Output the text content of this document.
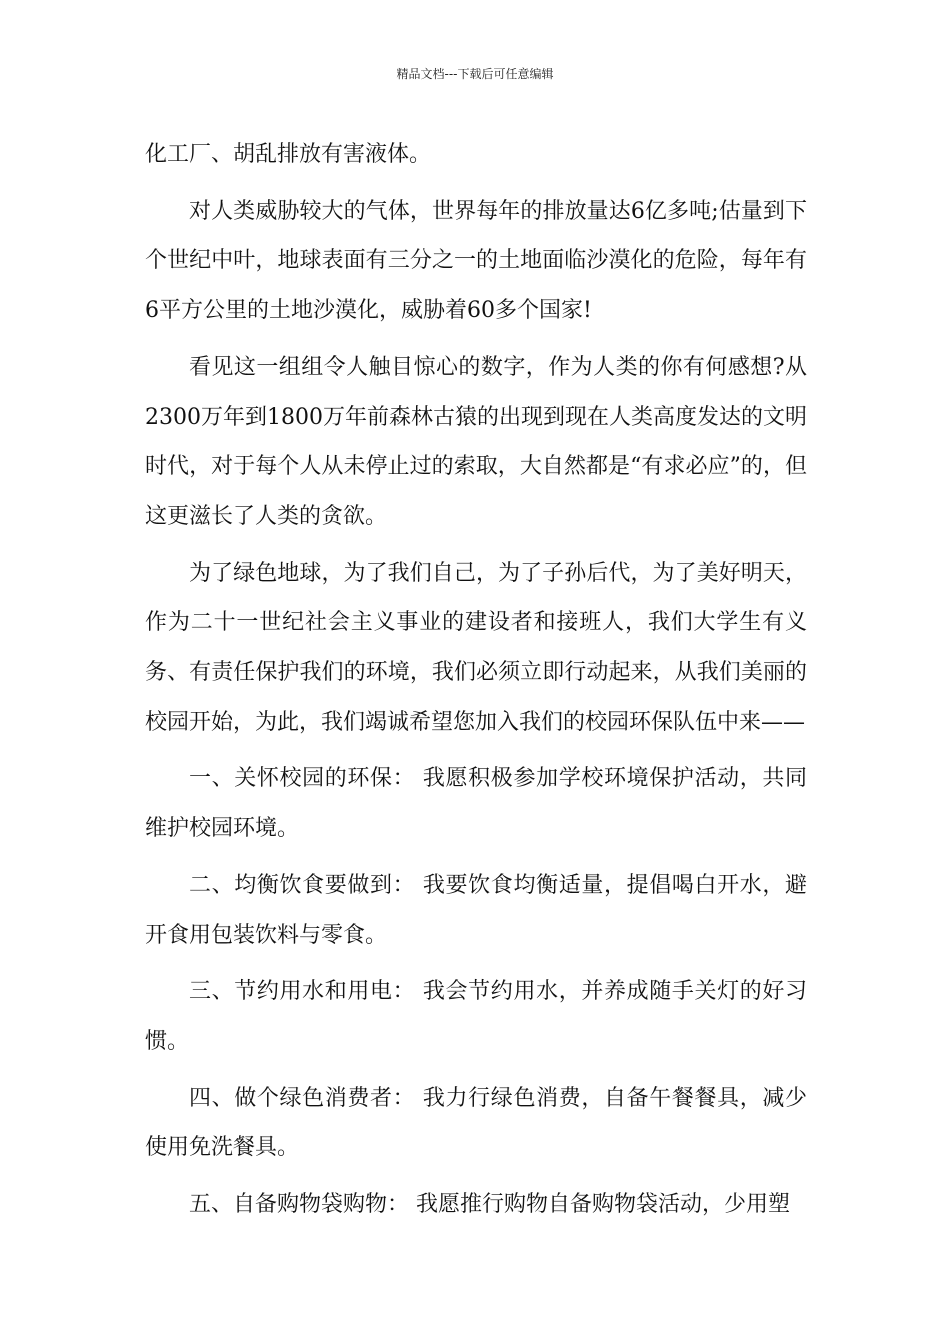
精品文档---下载后可任意编辑

化工厂、胡乱排放有害液体。

对人类威胁较大的气体，世界每年的排放量达6亿多吨;估量到下个世纪中叶，地球表面有三分之一的土地面临沙漠化的危险，每年有6平方公里的土地沙漠化，威胁着60多个国家!

看见这一组组令人触目惊心的数字，作为人类的你有何感想?从2300万年到1800万年前森林古猿的出现到现在人类高度发达的文明时代，对于每个人从未停止过的索取，大自然都是“有求必应”的，但这更滋长了人类的贪欲。

为了绿色地球，为了我们自己，为了子孙后代，为了美好明天，作为二十一世纪社会主义事业的建设者和接班人，我们大学生有义务、有责任保护我们的环境，我们必须立即行动起来，从我们美丽的校园开始，为此，我们竭诚希望您加入我们的校园环保队伍中来——

一、关怀校园的环保： 我愿积极参加学校环境保护活动，共同维护校园环境。

二、均衡饮食要做到： 我要饮食均衡适量，提倡喝白开水，避开食用包装饮料与零食。

三、节约用水和用电： 我会节约用水，并养成随手关灯的好习惯。

四、做个绿色消费者： 我力行绿色消费，自备午餐餐具，减少使用免洗餐具。

五、自备购物袋购物： 我愿推行购物自备购物袋活动，少用塑
